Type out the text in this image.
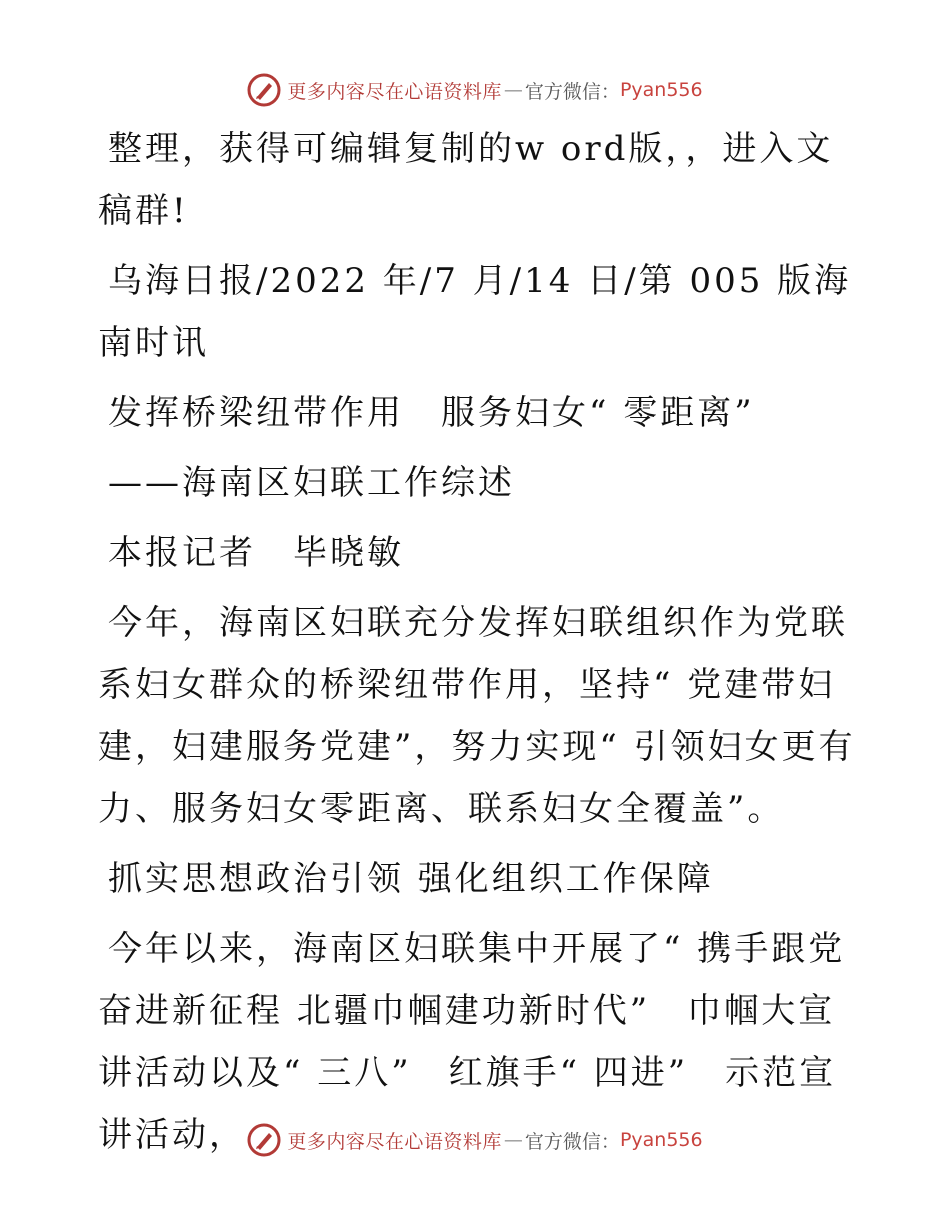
更多内容尽在心语资料库 — 官方微信： Pyan556

整理，获得可编辑复制的w ord版，，进入文稿群!

乌海日报/2022 年/7 月/14 日/第 005 版海南时讯

发挥桥梁纽带作用　服务妇女“ 零距离”

——海南区妇联工作综述

本报记者　毕晓敏

今年，海南区妇联充分发挥妇联组织作为党联系妇女群众的桥梁纽带作用，坚持“ 党建带妇建，妇建服务党建”，努力实现“ 引领妇女更有力、服务妇女零距离、联系妇女全覆盖”。

抓实思想政治引领 强化组织工作保障

今年以来，海南区妇联集中开展了“ 携手跟党奋进新征程 北疆巾帼建功新时代”　巾帼大宣讲活动以及“ 三八”　红旗手“ 四进”　示范宣讲活动，	更多内容尽在心语资料库 — 官方微信： Pyan556
